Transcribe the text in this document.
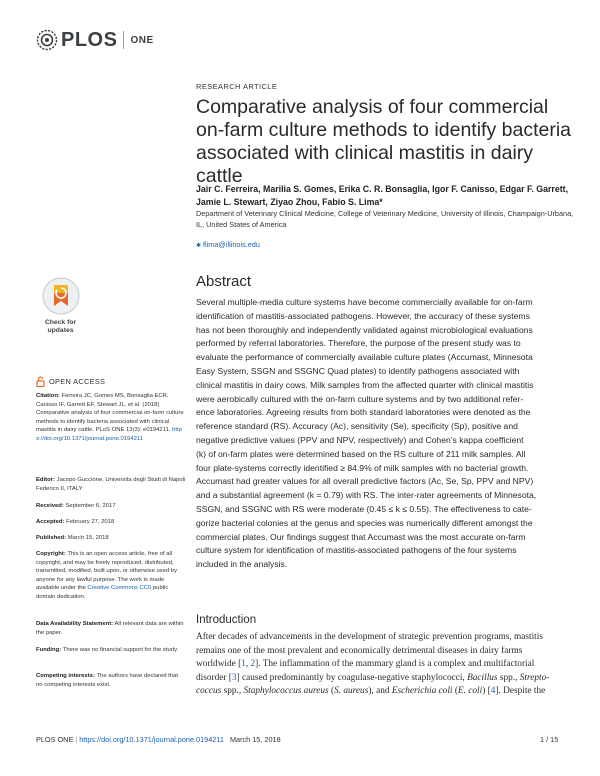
PLOS ONE
RESEARCH ARTICLE
Comparative analysis of four commercial on-farm culture methods to identify bacteria associated with clinical mastitis in dairy cattle
Jair C. Ferreira, Marilia S. Gomes, Erika C. R. Bonsaglia, Igor F. Canisso, Edgar F. Garrett, Jamie L. Stewart, Ziyao Zhou, Fabio S. Lima*
Department of Veterinary Clinical Medicine, College of Veterinary Medicine, University of Illinois, Champaign-Urbana, IL, United States of America
✱ flima@illinois.edu
Check for
updates
OPEN ACCESS
Citation: Ferreira JC, Gomes MS, Bonsaglia ECR, Canisso IF, Garrett EF, Stewart JL, et al. (2018) Comparative analysis of four commercial on-farm culture methods to identify bacteria associated with clinical mastitis in dairy cattle. PLoS ONE 13(3): e0194211. https://doi.org/10.1371/journal.pone.0194211
Editor: Jacopo Guccione, Universita degli Studi di Napoli Federico II, ITALY
Received: September 6, 2017
Accepted: February 27, 2018
Published: March 15, 2018
Copyright: This is an open access article, free of all copyright, and may be freely reproduced, distributed, transmitted, modified, built upon, or otherwise used by anyone for any lawful purpose. The work is made available under the Creative Commons CC0 public domain dedication.
Data Availability Statement: All relevant data are within the paper.
Funding: There was no financial support for the study.
Competing interests: The authors have declared that no competing interests exist.
Abstract
Several multiple-media culture systems have become commercially available for on-farm
identification of mastitis-associated pathogens. However, the accuracy of these systems
has not been thoroughly and independently validated against microbiological evaluations
performed by referral laboratories. Therefore, the purpose of the present study was to
evaluate the performance of commercially available culture plates (Accumast, Minnesota
Easy System, SSGN and SSGNC Quad plates) to identify pathogens associated with
clinical mastitis in dairy cows. Milk samples from the affected quarter with clinical mastitis
were aerobically cultured with the on-farm culture systems and by two additional refer-
ence laboratories. Agreeing results from both standard laboratories were denoted as the
reference standard (RS). Accuracy (Ac), sensitivity (Se), specificity (Sp), positive and
negative predictive values (PPV and NPV, respectively) and Cohen’s kappa coefficient
(k) of on-farm plates were determined based on the RS culture of 211 milk samples. All
four plate-systems correctly identified ≥ 84.9% of milk samples with no bacterial growth.
Accumast had greater values for all overall predictive factors (Ac, Se, Sp, PPV and NPV)
and a substantial agreement (k = 0.79) with RS. The inter-rater agreements of Minnesota,
SSGN, and SSGNC with RS were moderate (0.45 ≤ k ≤ 0.55). The effectiveness to cate-
gorize bacterial colonies at the genus and species was numerically different amongst the
commercial plates. Our findings suggest that Accumast was the most accurate on-farm
culture system for identification of mastitis-associated pathogens of the four systems
included in the analysis.
Introduction
After decades of advancements in the development of strategic prevention programs, mastitis
remains one of the most prevalent and economically detrimental diseases in dairy farms
worldwide [1, 2]. The inflammation of the mammary gland is a complex and multifactorial
disorder [3] caused predominantly by coagulase-negative staphylococci, Bacillus spp., Strepto-
coccus spp., Staphylococcus aureus (S. aureus), and Escherichia coli (E. coli) [4]. Despite the
PLOS ONE | https://doi.org/10.1371/journal.pone.0194211 March 15, 2018	1 / 15
